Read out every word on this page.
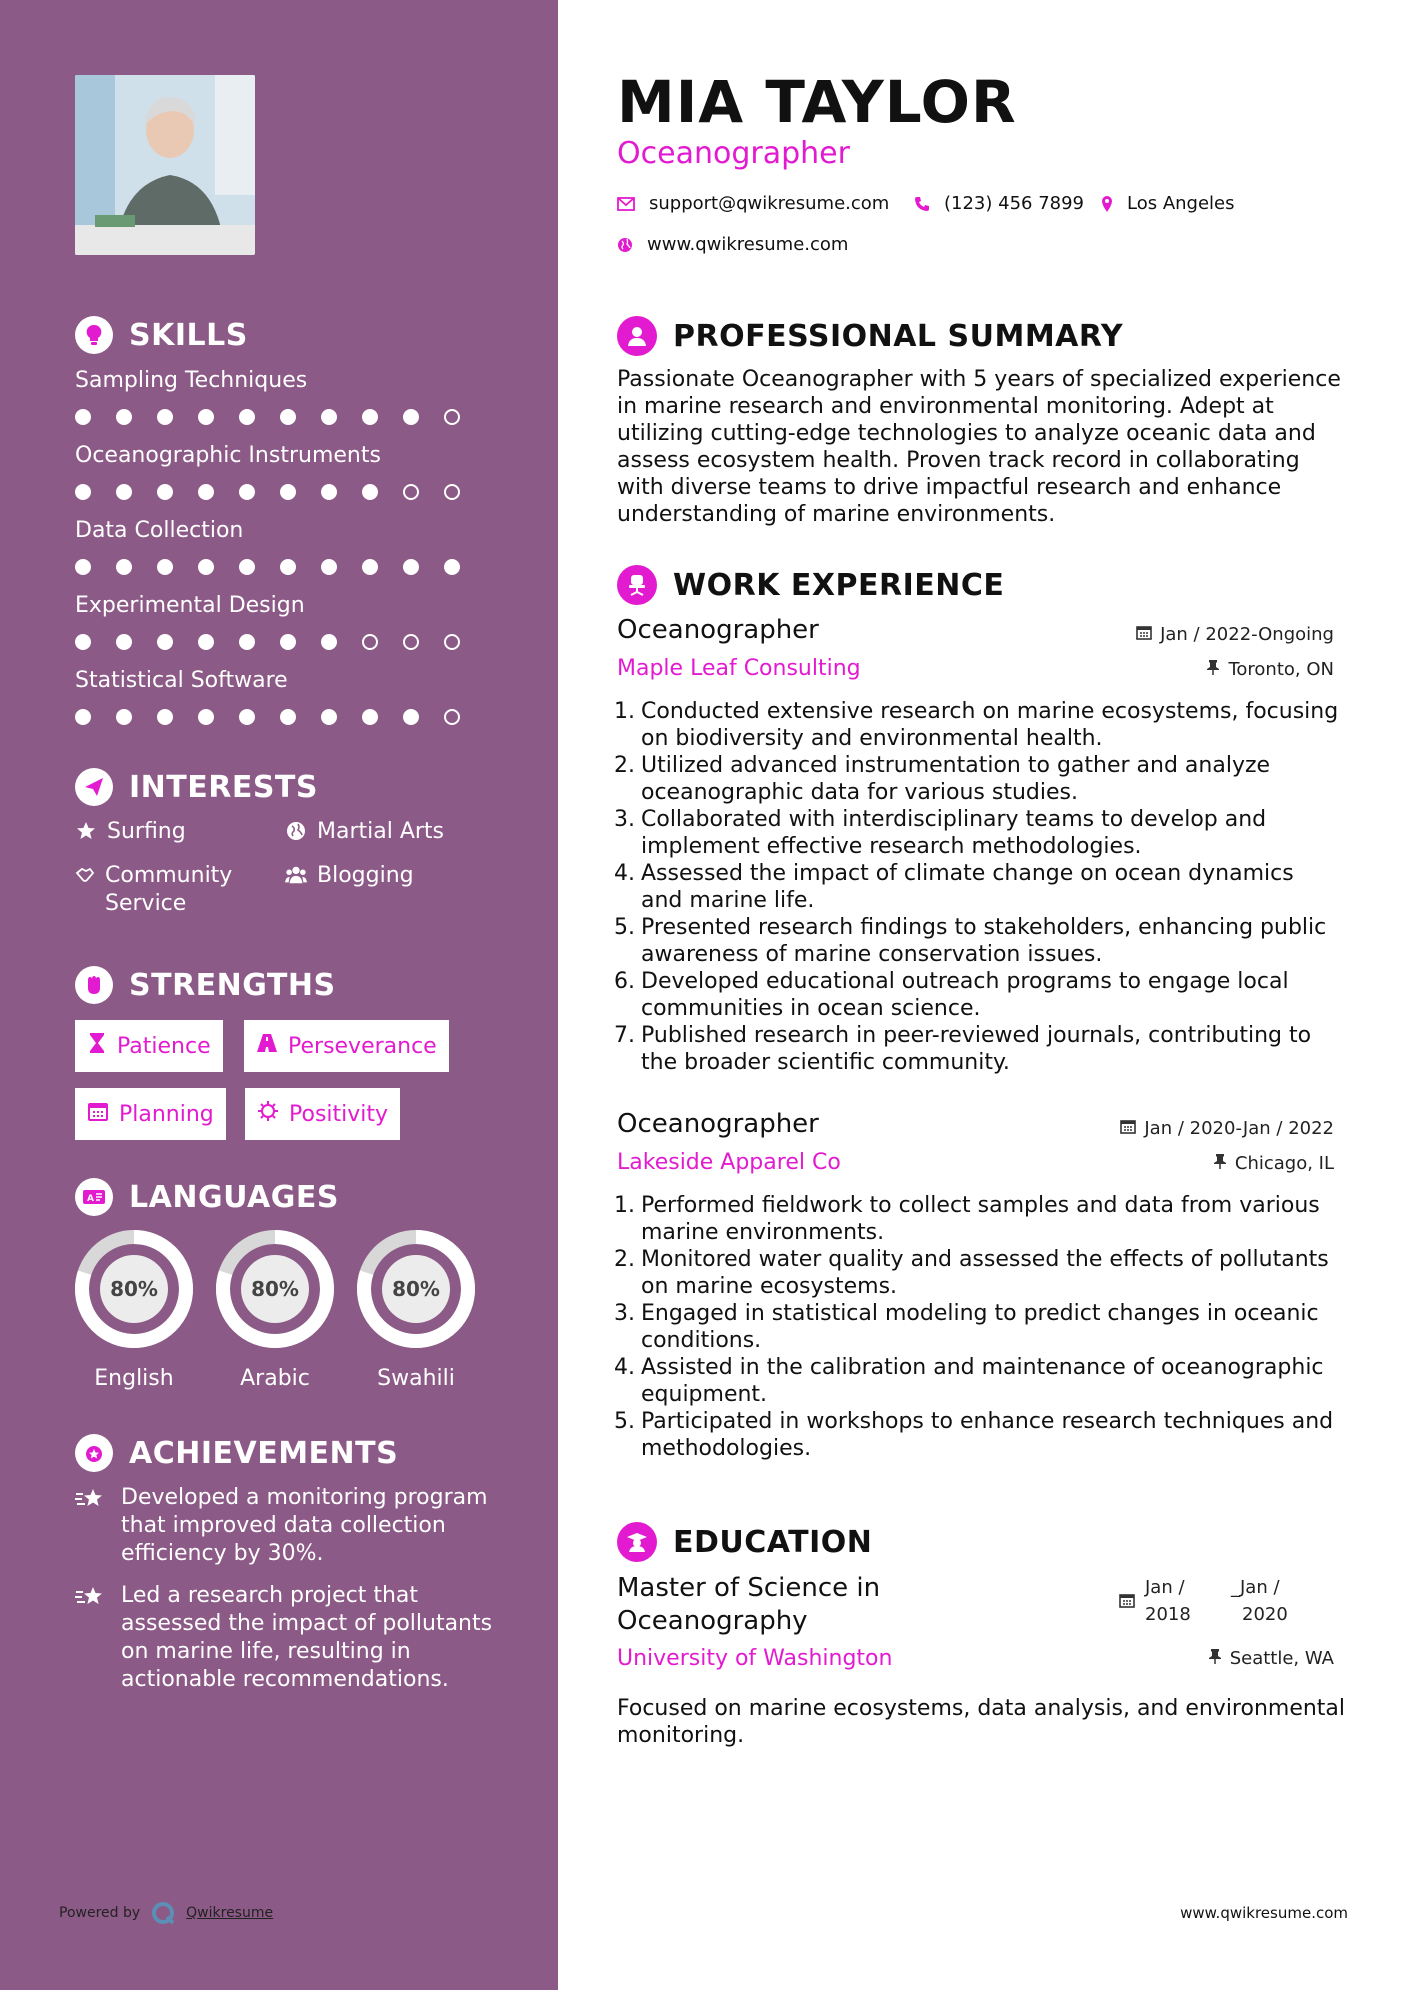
SKILLS
Sampling Techniques
Oceanographic Instruments
Data Collection
Experimental Design
Statistical Software
INTERESTS
Surfing	Martial Arts
Community Service
Blogging
STRENGTHS
Patience	Perseverance
Planning	Positivity
A LANGUAGES
80%
English
80%
Arabic
80%
Swahili
ACHIEVEMENTS
Developed a monitoring program that improved data collection efficiency by 30%.
Led a research project that assessed the impact of pollutants on marine life, resulting in actionable recommendations.
Powered by	Qwikresume
MIA TAYLOR
Oceanographer
support@qwikresume.com	(123) 456 7899 Los Angeles
www.qwikresume.com
PROFESSIONAL SUMMARY
Passionate Oceanographer with 5 years of specialized experience in marine research and environmental monitoring. Adept at utilizing cutting-edge technologies to analyze oceanic data and assess ecosystem health. Proven track record in collaborating with diverse teams to drive impactful research and enhance understanding of marine environments.
WORK EXPERIENCE
Oceanographer
Maple Leaf Consulting
Jan / 2022-Ongoing
Toronto, ON
1. Conducted extensive research on marine ecosystems, focusing on biodiversity and environmental health.
2. Utilized advanced instrumentation to gather and analyze oceanographic data for various studies.
3. Collaborated with interdisciplinary teams to develop and implement effective research methodologies.
4. Assessed the impact of climate change on ocean dynamics and marine life.
5. Presented research findings to stakeholders, enhancing public awareness of marine conservation issues.
6. Developed educational outreach programs to engage local communities in ocean science.
7. Published research in peer-reviewed journals, contributing to the broader scientific community.
Oceanographer
Lakeside Apparel Co
Jan / 2020-Jan / 2022
Chicago, IL
1. Performed fieldwork to collect samples and data from various marine environments.
2. Monitored water quality and assessed the effects of pollutants on marine ecosystems.
3. Engaged in statistical modeling to predict changes in oceanic conditions.
4. Assisted in the calibration and maintenance of oceanographic equipment.
5. Participated in workshops to enhance research techniques and methodologies.
EDUCATION
Master of Science in Oceanography
University of Washington
Jan /
2018
_Jan /
2020
Seattle, WA
Focused on marine ecosystems, data analysis, and environmental monitoring.
www.qwikresume.com
